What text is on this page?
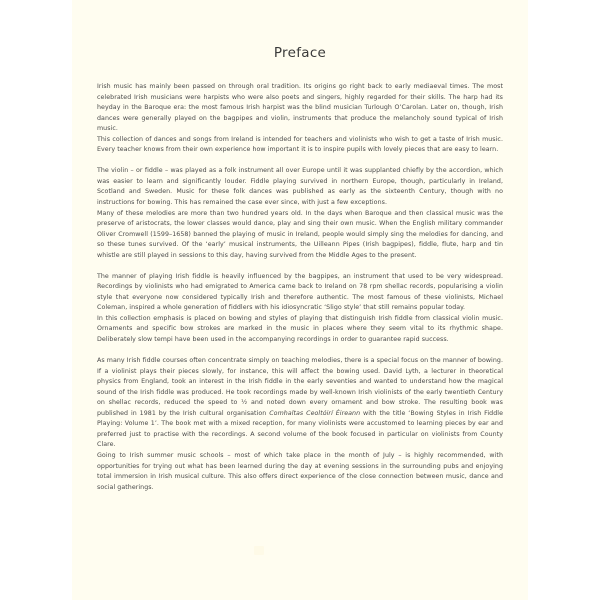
Preface

Irish music has mainly been passed on through oral tradition. Its origins go right back to early mediaeval times. The most celebrated Irish musicians were harpists who were also poets and singers, highly regarded for their skills. The harp had its heyday in the Baroque era: the most famous Irish harpist was the blind musician Turlough O’Carolan. Later on, though, Irish dances were generally played on the bagpipes and violin, instruments that produce the melancholy sound typical of Irish music.

This collection of dances and songs from Ireland is intended for teachers and violinists who wish to get a taste of Irish music. Every teacher knows from their own experience how important it is to inspire pupils with lovely pieces that are easy to learn.

The violin – or fiddle – was played as a folk instrument all over Europe until it was supplanted chiefly by the accordion, which was easier to learn and significantly louder. Fiddle playing survived in northern Europe, though, particularly in Ireland, Scotland and Sweden. Music for these folk dances was published as early as the sixteenth Century, though with no instructions for bowing. This has remained the case ever since, with just a few exceptions.

Many of these melodies are more than two hundred years old. In the days when Baroque and then classical music was the preserve of aristocrats, the lower classes would dance, play and sing their own music. When the English military commander Oliver Cromwell (1599–1658) banned the playing of music in Ireland, people would simply sing the melodies for dancing, and so these tunes survived. Of the ‘early’ musical instruments, the Uilleann Pipes (Irish bagpipes), fiddle, flute, harp and tin whistle are still played in sessions to this day, having survived from the Middle Ages to the present.

The manner of playing Irish fiddle is heavily influenced by the bagpipes, an instrument that used to be very widespread. Recordings by violinists who had emigrated to America came back to Ireland on 78 rpm shellac records, popularising a violin style that everyone now considered typically Irish and therefore authentic. The most famous of these violinists, Michael Coleman, inspired a whole generation of fiddlers with his idiosyncratic ‘Sligo style’ that still remains popular today.

In this collection emphasis is placed on bowing and styles of playing that distinguish Irish fiddle from classical violin music. Ornaments and specific bow strokes are marked in the music in places where they seem vital to its rhythmic shape. Deliberately slow tempi have been used in the accompanying recordings in order to guarantee rapid success.

As many Irish fiddle courses often concentrate simply on teaching melodies, there is a special focus on the manner of bowing. If a violinist plays their pieces slowly, for instance, this will affect the bowing used. David Lyth, a lecturer in theoretical physics from England, took an interest in the Irish fiddle in the early seventies and wanted to understand how the magical sound of the Irish fiddle was produced. He took recordings made by well-known Irish violinists of the early twentieth Century on shellac records, reduced the speed to ½ and noted down every ornament and bow stroke. The resulting book was published in 1981 by the Irish cultural organisation Comhaltas Ceoltóirí Éireann with the title ‘Bowing Styles in Irish Fiddle Playing: Volume 1’. The book met with a mixed reception, for many violinists were accustomed to learning pieces by ear and preferred just to practise with the recordings. A second volume of the book focused in particular on violinists from County Clare.

Going to Irish summer music schools – most of which take place in the month of July – is highly recommended, with opportunities for trying out what has been learned during the day at evening sessions in the surrounding pubs and enjoying total immersion in Irish musical culture. This also offers direct experience of the close connection between music, dance and social gatherings.
